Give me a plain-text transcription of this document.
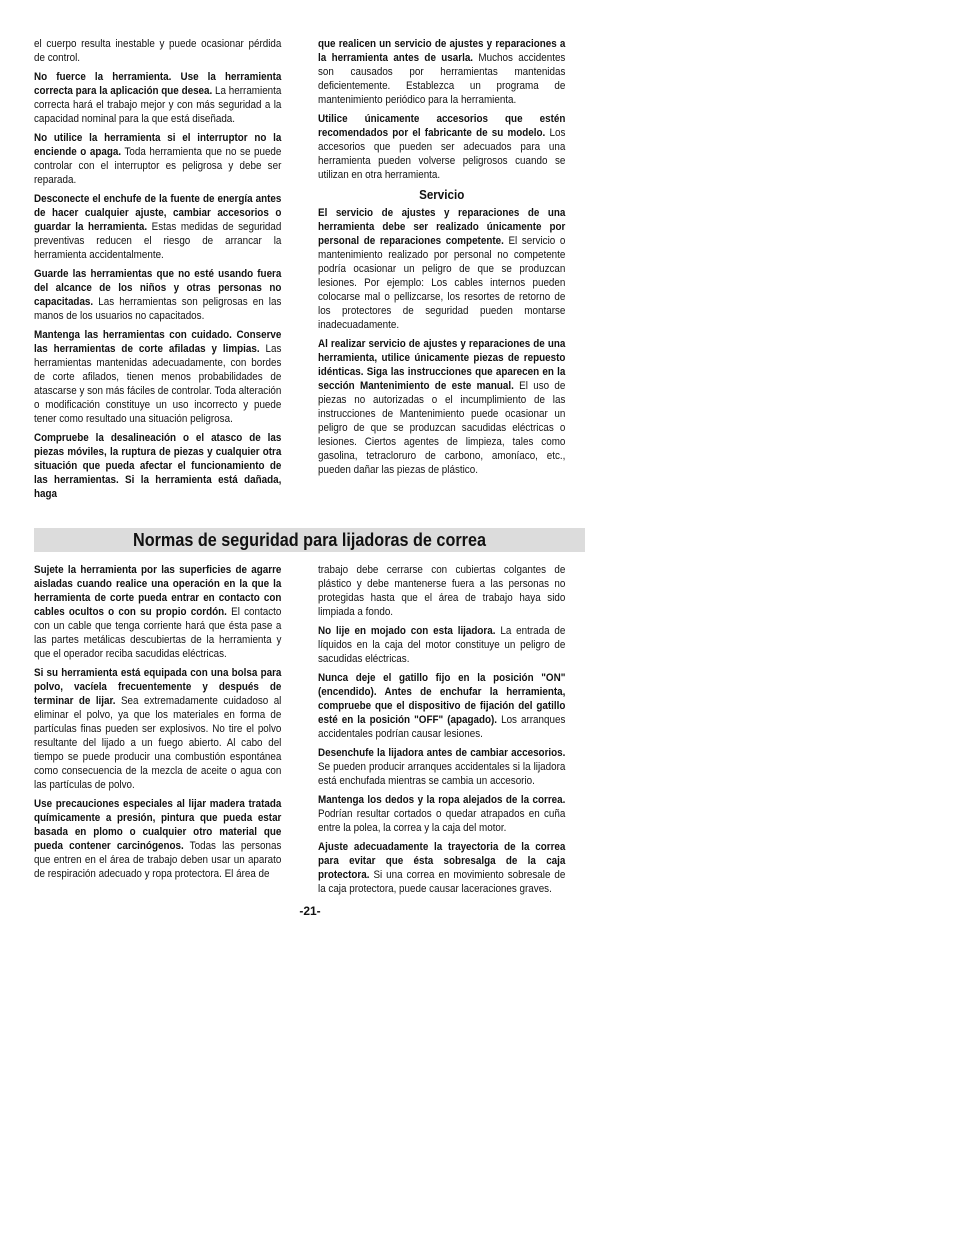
el cuerpo resulta inestable y puede ocasionar pérdida de control.

No fuerce la herramienta. Use la herramienta correcta para la aplicación que desea. La herramienta correcta hará el trabajo mejor y con más seguridad a la capacidad nominal para la que está diseñada.

No utilice la herramienta si el interruptor no la enciende o apaga. Toda herramienta que no se puede controlar con el interruptor es peligrosa y debe ser reparada.

Desconecte el enchufe de la fuente de energía antes de hacer cualquier ajuste, cambiar accesorios o guardar la herramienta. Estas medidas de seguridad preventivas reducen el riesgo de arrancar la herramienta accidentalmente.

Guarde las herramientas que no esté usando fuera del alcance de los niños y otras personas no capacitadas. Las herramientas son peligrosas en las manos de los usuarios no capacitados.

Mantenga las herramientas con cuidado. Conserve las herramientas de corte afiladas y limpias. Las herramientas mantenidas adecuadamente, con bordes de corte afilados, tienen menos probabilidades de atascarse y son más fáciles de controlar. Toda alteración o modificación constituye un uso incorrecto y puede tener como resultado una situación peligrosa.

Compruebe la desalineación o el atasco de las piezas móviles, la ruptura de piezas y cualquier otra situación que pueda afectar el funcionamiento de las herramientas. Si la herramienta está dañada, haga

que realicen un servicio de ajustes y reparaciones a la herramienta antes de usarla. Muchos accidentes son causados por herramientas mantenidas deficientemente. Establezca un programa de mantenimiento periódico para la herramienta.

Utilice únicamente accesorios que estén recomendados por el fabricante de su modelo. Los accesorios que pueden ser adecuados para una herramienta pueden volverse peligrosos cuando se utilizan en otra herramienta.

Servicio

El servicio de ajustes y reparaciones de una herramienta debe ser realizado únicamente por personal de reparaciones competente. El servicio o mantenimiento realizado por personal no competente podría ocasionar un peligro de que se produzcan lesiones. Por ejemplo: Los cables internos pueden colocarse mal o pellizcarse, los resortes de retorno de los protectores de seguridad pueden montarse inadecuadamente.

Al realizar servicio de ajustes y reparaciones de una herramienta, utilice únicamente piezas de repuesto idénticas. Siga las instrucciones que aparecen en la sección Mantenimiento de este manual. El uso de piezas no autorizadas o el incumplimiento de las instrucciones de Mantenimiento puede ocasionar un peligro de que se produzcan sacudidas eléctricas o lesiones. Ciertos agentes de limpieza, tales como gasolina, tetracloruro de carbono, amoníaco, etc., pueden dañar las piezas de plástico.

Normas de seguridad para lijadoras de correa

Sujete la herramienta por las superficies de agarre aisladas cuando realice una operación en la que la herramienta de corte pueda entrar en contacto con cables ocultos o con su propio cordón. El contacto con un cable que tenga corriente hará que ésta pase a las partes metálicas descubiertas de la herramienta y que el operador reciba sacudidas eléctricas.

Si su herramienta está equipada con una bolsa para polvo, vacíela frecuentemente y después de terminar de lijar. Sea extremadamente cuidadoso al eliminar el polvo, ya que los materiales en forma de partículas finas pueden ser explosivos. No tire el polvo resultante del lijado a un fuego abierto. Al cabo del tiempo se puede producir una combustión espontánea como consecuencia de la mezcla de aceite o agua con las partículas de polvo.

Use precauciones especiales al lijar madera tratada químicamente a presión, pintura que pueda estar basada en plomo o cualquier otro material que pueda contener carcinógenos. Todas las personas que entren en el área de trabajo deben usar un aparato de respiración adecuado y ropa protectora. El área de

trabajo debe cerrarse con cubiertas colgantes de plástico y debe mantenerse fuera a las personas no protegidas hasta que el área de trabajo haya sido limpiada a fondo.

No lije en mojado con esta lijadora. La entrada de líquidos en la caja del motor constituye un peligro de sacudidas eléctricas.

Nunca deje el gatillo fijo en la posición "ON" (encendido). Antes de enchufar la herramienta, compruebe que el dispositivo de fijación del gatillo esté en la posición "OFF" (apagado). Los arranques accidentales podrían causar lesiones.

Desenchufe la lijadora antes de cambiar accesorios. Se pueden producir arranques accidentales si la lijadora está enchufada mientras se cambia un accesorio.

Mantenga los dedos y la ropa alejados de la correa. Podrían resultar cortados o quedar atrapados en cuña entre la polea, la correa y la caja del motor.

Ajuste adecuadamente la trayectoria de la correa para evitar que ésta sobresalga de la caja protectora. Si una correa en movimiento sobresale de la caja protectora, puede causar laceraciones graves.

-21-
